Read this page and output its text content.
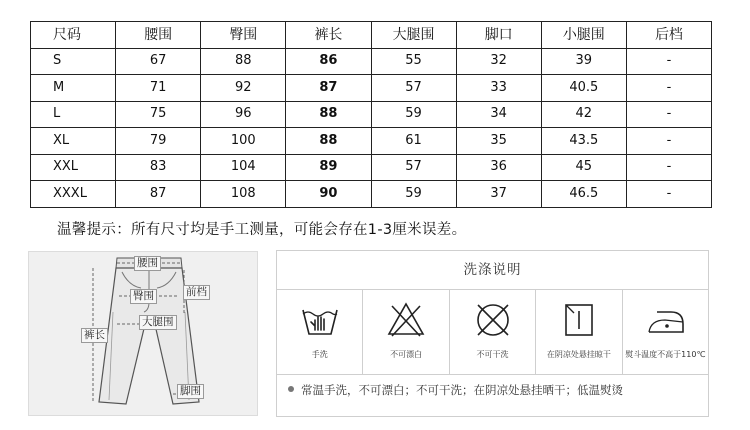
尺码	腰围	臀围	裤长	大腿围	脚口	小腿围	后档
S	67	88	86	55	32	39	-
M	71	92	87	57	33	40.5	-
L	75	96	88	59	34	42	-
XL	79	100	88	61	35	43.5	-
XXL	83	104	89	57	36	45	-
XXXL	87	108	90	59	37	46.5	-
温馨提示：所有尺寸均是手工测量，可能会存在1-3厘米误差。
腰围
前档
臀围
裤长
大腿围
脚围
洗涤说明
手洗	不可漂白	不可干洗	在阴凉处悬挂晾干	熨斗温度不高于110℃
常温手洗，不可漂白；不可干洗；在阴凉处悬挂晒干；低温熨烫
